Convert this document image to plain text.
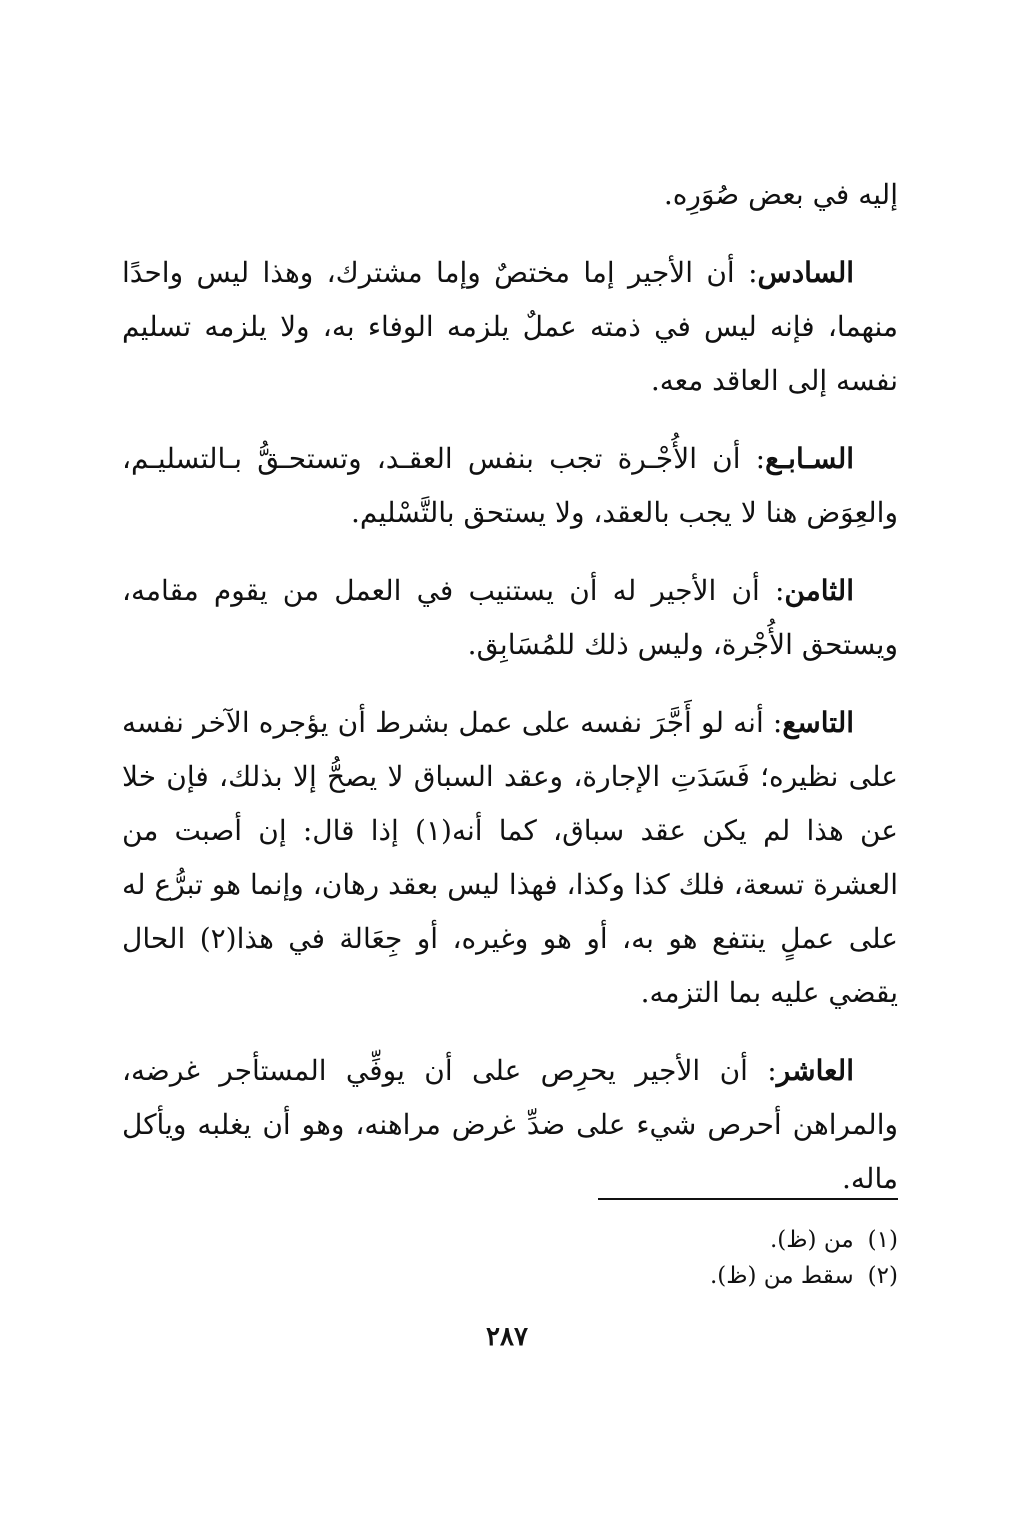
إليه في بعض صُوَرِه.

السادس: أن الأجير إما مختصٌ وإما مشترك، وهذا ليس واحدًا منهما، فإنه ليس في ذمته عملٌ يلزمه الوفاء به، ولا يلزمه تسليم نفسه إلى العاقد معه.

السـابـع: أن الأُجْـرة تجب بنفس العقـد، وتستحـقُّ بـالتسليـم، والعِوَض هنا لا يجب بالعقد، ولا يستحق بالتَّسْليم.

الثامن: أن الأجير له أن يستنيب في العمل من يقوم مقامه، ويستحق الأُجْرة، وليس ذلك للمُسَابِق.

التاسع: أنه لو أَجَّرَ نفسه على عمل بشرط أن يؤجره الآخر نفسه على نظيره؛ فَسَدَتِ الإجارة، وعقد السباق لا يصحُّ إلا بذلك، فإن خلا عن هذا لم يكن عقد سباق، كما أنه(١) إذا قال: إن أصبت من العشرة تسعة، فلك كذا وكذا، فهذا ليس بعقد رهان، وإنما هو تبرُّع له على عملٍ ينتفع هو به، أو هو وغيره، أو جِعَالة في هذا(٢) الحال يقضي عليه بما التزمه.

العاشر: أن الأجير يحرِص على أن يوفِّي المستأجر غرضه، والمراهن أحرص شيء على ضدِّ غرض مراهنه، وهو أن يغلبه ويأكل ماله.

(١)من (ظ).
(٢)سقط من (ظ).
٢٨٧
